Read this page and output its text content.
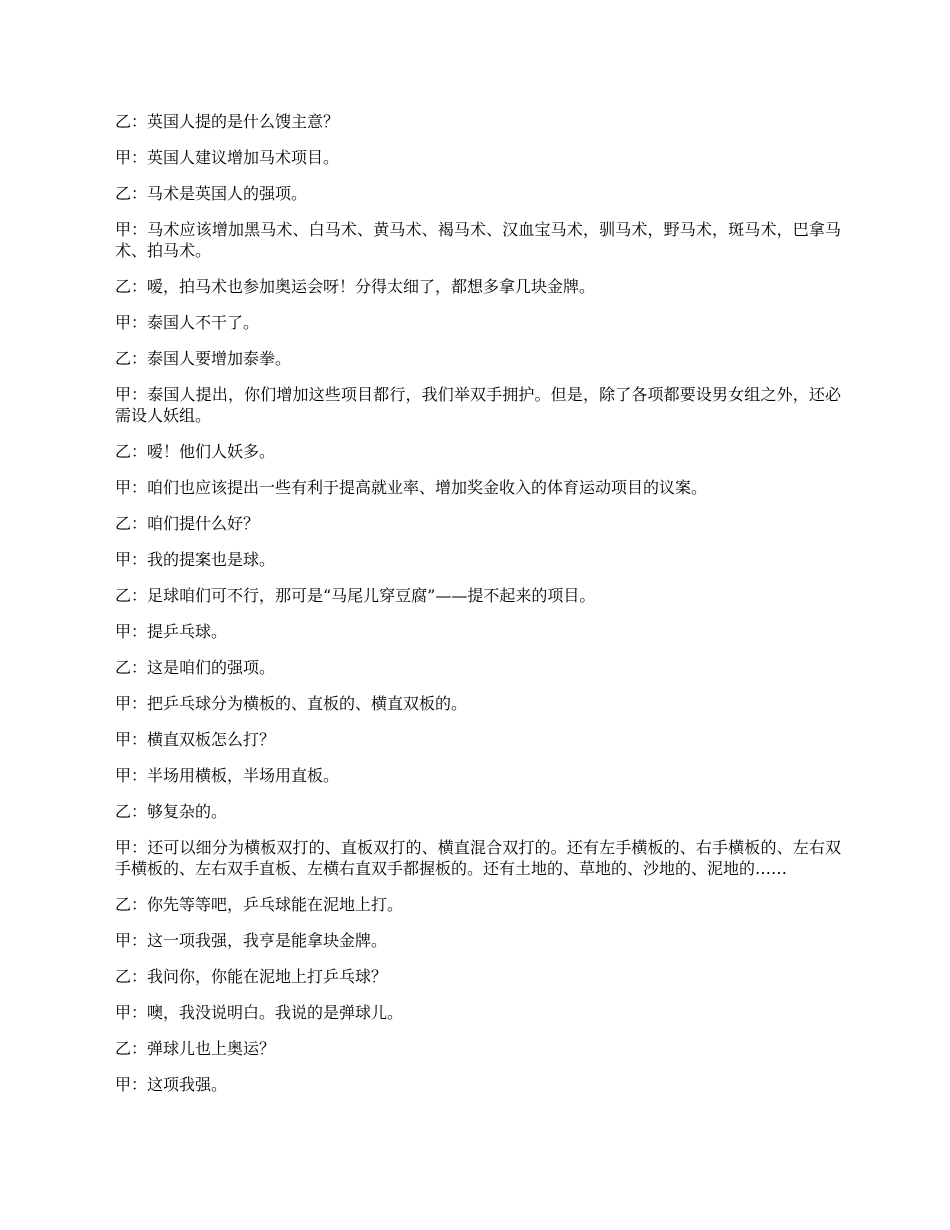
乙：英国人提的是什么馊主意？

甲：英国人建议增加马术项目。

乙：马术是英国人的强项。

甲：马术应该增加黑马术、白马术、黄马术、褐马术、汉血宝马术，驯马术，野马术，斑马术，巴拿马术、拍马术。

乙：嗳，拍马术也参加奥运会呀！分得太细了，都想多拿几块金牌。

甲：泰国人不干了。

乙：泰国人要增加泰拳。

甲：泰国人提出，你们增加这些项目都行，我们举双手拥护。但是，除了各项都要设男女组之外，还必需设人妖组。

乙：嗳！他们人妖多。

甲：咱们也应该提出一些有利于提高就业率、增加奖金收入的体育运动项目的议案。

乙：咱们提什么好？

甲：我的提案也是球。

乙：足球咱们可不行，那可是“马尾儿穿豆腐”——提不起来的项目。

甲：提乒乓球。

乙：这是咱们的强项。

甲：把乒乓球分为横板的、直板的、横直双板的。

甲：横直双板怎么打？

甲：半场用横板，半场用直板。

乙：够复杂的。

甲：还可以细分为横板双打的、直板双打的、横直混合双打的。还有左手横板的、右手横板的、左右双手横板的、左右双手直板、左横右直双手都握板的。还有土地的、草地的、沙地的、泥地的……

乙：你先等等吧，乒乓球能在泥地上打。

甲：这一项我强，我亨是能拿块金牌。

乙：我问你，你能在泥地上打乒乓球？

甲：噢，我没说明白。我说的是弹球儿。

乙：弹球儿也上奥运？

甲：这项我强。
